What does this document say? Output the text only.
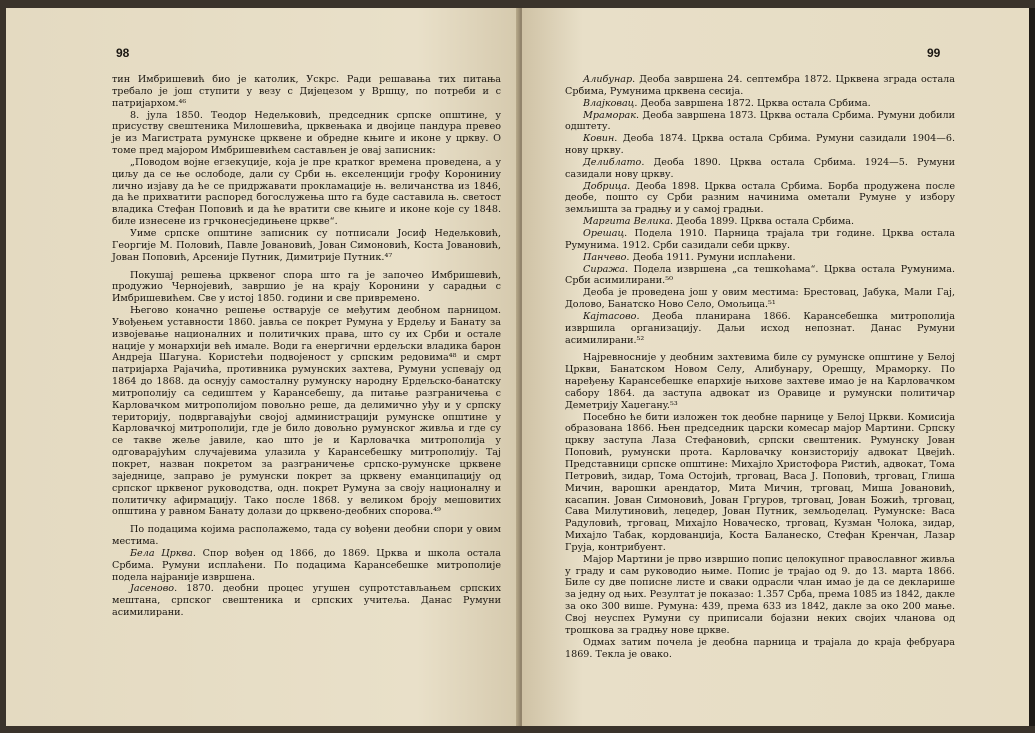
98

тин Имбришевић био је католик, Ускрс. Ради решавања тих питања требало је још ступити у везу с Дијецезом у Вршцу, по потреби и с патријархом.⁴⁶

8. јула 1850. Теодор Недељковић, председник српске општине, у присуству свештеника Милошевића, црквењака и двојице пандура превео је из Магистрата румунске црквене и обредне књиге и иконе у цркву. О томе пред мајором Имбришевићем састављен је овај записник:

„Поводом војне егзекуције, која је пре кратког времена проведена, а у циљу да се ње ослободе, дали су Срби њ. екселенцији грофу Корониниу лично изјаву да ће се придржавати прокламације њ. величанства из 1846, да ће прихватити распоред богослужења што га буде саставила њ. светост владика Стефан Поповић и да ће вратити све књиге и иконе које су 1848. биле изнесене из грчконесједињене цркве“.

Уиме српске општине записник су потписали Јосиф Недељковић, Георгије М. Половић, Павле Јовановић, Јован Симоновић, Коста Јовановић, Јован Поповић, Арсеније Путник, Димитрије Путник.⁴⁷

Покушај решења црквеног спора што га је започео Имбришевић, продужио Черноjевић, завршио је на крају Коронини у сарадњи с Имбришевићем. Све у истој 1850. години и све привремено.

Његово коначно решење остварује се међутим деобном парницом. Увођењем уставности 1860. јавља се покрет Румуна у Ердељу и Банату за извојевање националних и политичких права, што су их Срби и остале нације у монархији већ имале. Води га енергични ердељски владика барон Андреја Шагуна. Користећи подвојеност у српским редовима⁴⁸ и смрт патријарха Рајачића, противника румунских захтева, Румуни успевају од 1864 до 1868. да оснују самосталну румунску народну Ердељско-банатску митрополију са седиштем у Карансебешу, да питање разграничења с Карловачком митрополијом повољно реше, да делимично уђу и у српску територију, подвргавајући својој администрацији румунске општине у Карловачкој митрополији, где је било довољно румунског живља и где су се такве жеље јавиле, као што је и Карловачка митрополија у одговарајућим случајевима улазила у Карансебешку митрополију. Тај покрет, назван покретом за разграничење српско-румунске црквене заједнице, заправо је румунски покрет за црквену еманципацију од српског црквеног руководства, одн. покрет Румуна за своју националну и политичку афирмацију. Тако после 1868. у великом броју мешовитих општина у равном Банату долази до црквено-деобних спорова.⁴⁹

По подацима којима располажемо, тада су вођени деобни спори у овим местима.

Бела Црква. Спор вођен од 1866, до 1869. Црква и школа остала Србима. Румуни исплаћени. По подацима Карансебешке митрополије подела најраније извршена.

Јасеново. 1870. деобни процес угушен супротстављањем српских мештана, српског свештеника и српских учитеља. Данас Румуни асимилирани.

99

Алибунар. Деоба завршена 24. септембра 1872. Црквена зграда остала Србима, Румунима црквена сесија.

Влајковац. Деоба завршена 1872. Црква остала Србима.

Мраморак. Деоба завршена 1873. Црква остала Србима. Румуни добили одштету.

Ковин. Деоба 1874. Црква остала Србима. Румуни сазидали 1904—6. нову цркву.

Делиблато. Деоба 1890. Црква остала Србима. 1924—5. Румуни сазидали нову цркву.

Добрица. Деоба 1898. Црква остала Србима. Борба продужена после деобе, пошто су Срби разним начинима ометали Румуне у избору земљишта за градњу и у самој градњи.

Маргита Велика. Деоба 1899. Црква остала Србима.

Орешац. Подела 1910. Парница трајала три године. Црква остала Румунима. 1912. Срби сазидали себи цркву.

Панчево. Деоба 1911. Румуни исплаћени.

Сиража. Подела извршена „са тешкоћама“. Црква остала Румунима. Срби асимилирани.⁵⁰

Деоба је проведена још у овим местима: Брестовац, Јабука, Мали Гај, Долово, Банатско Ново Село, Омољица.⁵¹

Кајтасово. Деоба планирана 1866. Карансебешка митрополија извршила организацију. Даљи исход непознат. Данас Румуни асимилирани.⁵²

Најревносније у деобним захтевима биле су румунске општине у Белој Цркви, Банатском Новом Селу, Алибунару, Орешцу, Мраморку. По наређењу Карансебешке епархије њихове захтеве имао је на Карловачком сабору 1864. да заступа адвокат из Оравице и румунски политичар Деметрију Хаџеганy.⁵³

Посебно ће бити изложен ток деобне парнице у Белој Цркви. Комисија образована 1866. Њен председник царски комесар мајор Мартини. Српску цркву заступа Лаза Стефановић, српски свештеник. Румунску Јован Поповић, румунски прота. Карловачку конзисторију адвокат Цвејић. Представници српске општине: Михајло Христофора Ристић, адвокат, Тома Петровић, зидар, Тома Остојић, трговац, Васа Ј. Поповић, трговац, Глиша Мичин, варошки арендатор, Мита Мичин, трговац, Миша Јовановић, касапин. Јован Симоновић, Јован Гргуров, трговац, Јован Божић, трговац, Сава Милутиновић, лецедер, Јован Путник, земљоделац. Румунске: Васа Радуловић, трговац, Михајло Новаческо, трговац, Кузман Чолока, зидар, Михајло Табак, кордованџија, Коста Баланеско, Стефан Кренчан, Лазар Груја, контрибуент.

Мајор Мартини је прво извршио попис целокупног православног живља у граду и сам руководио њиме. Попис је трајао од 9. до 13. марта 1866. Биле су две пописне листе и сваки одрасли члан имао је да се декларише за једну од њих. Резултат је показао: 1.357 Срба, према 1085 из 1842, дакле за око 300 више. Румуна: 439, према 633 из 1842, дакле за око 200 мање. Свој неуспех Румуни су приписали бојазни неких својих чланова од трошкова за градњу нове цркве.

Одмах затим почела је деобна парница и трајала до краја фебруара 1869. Текла је овако.
